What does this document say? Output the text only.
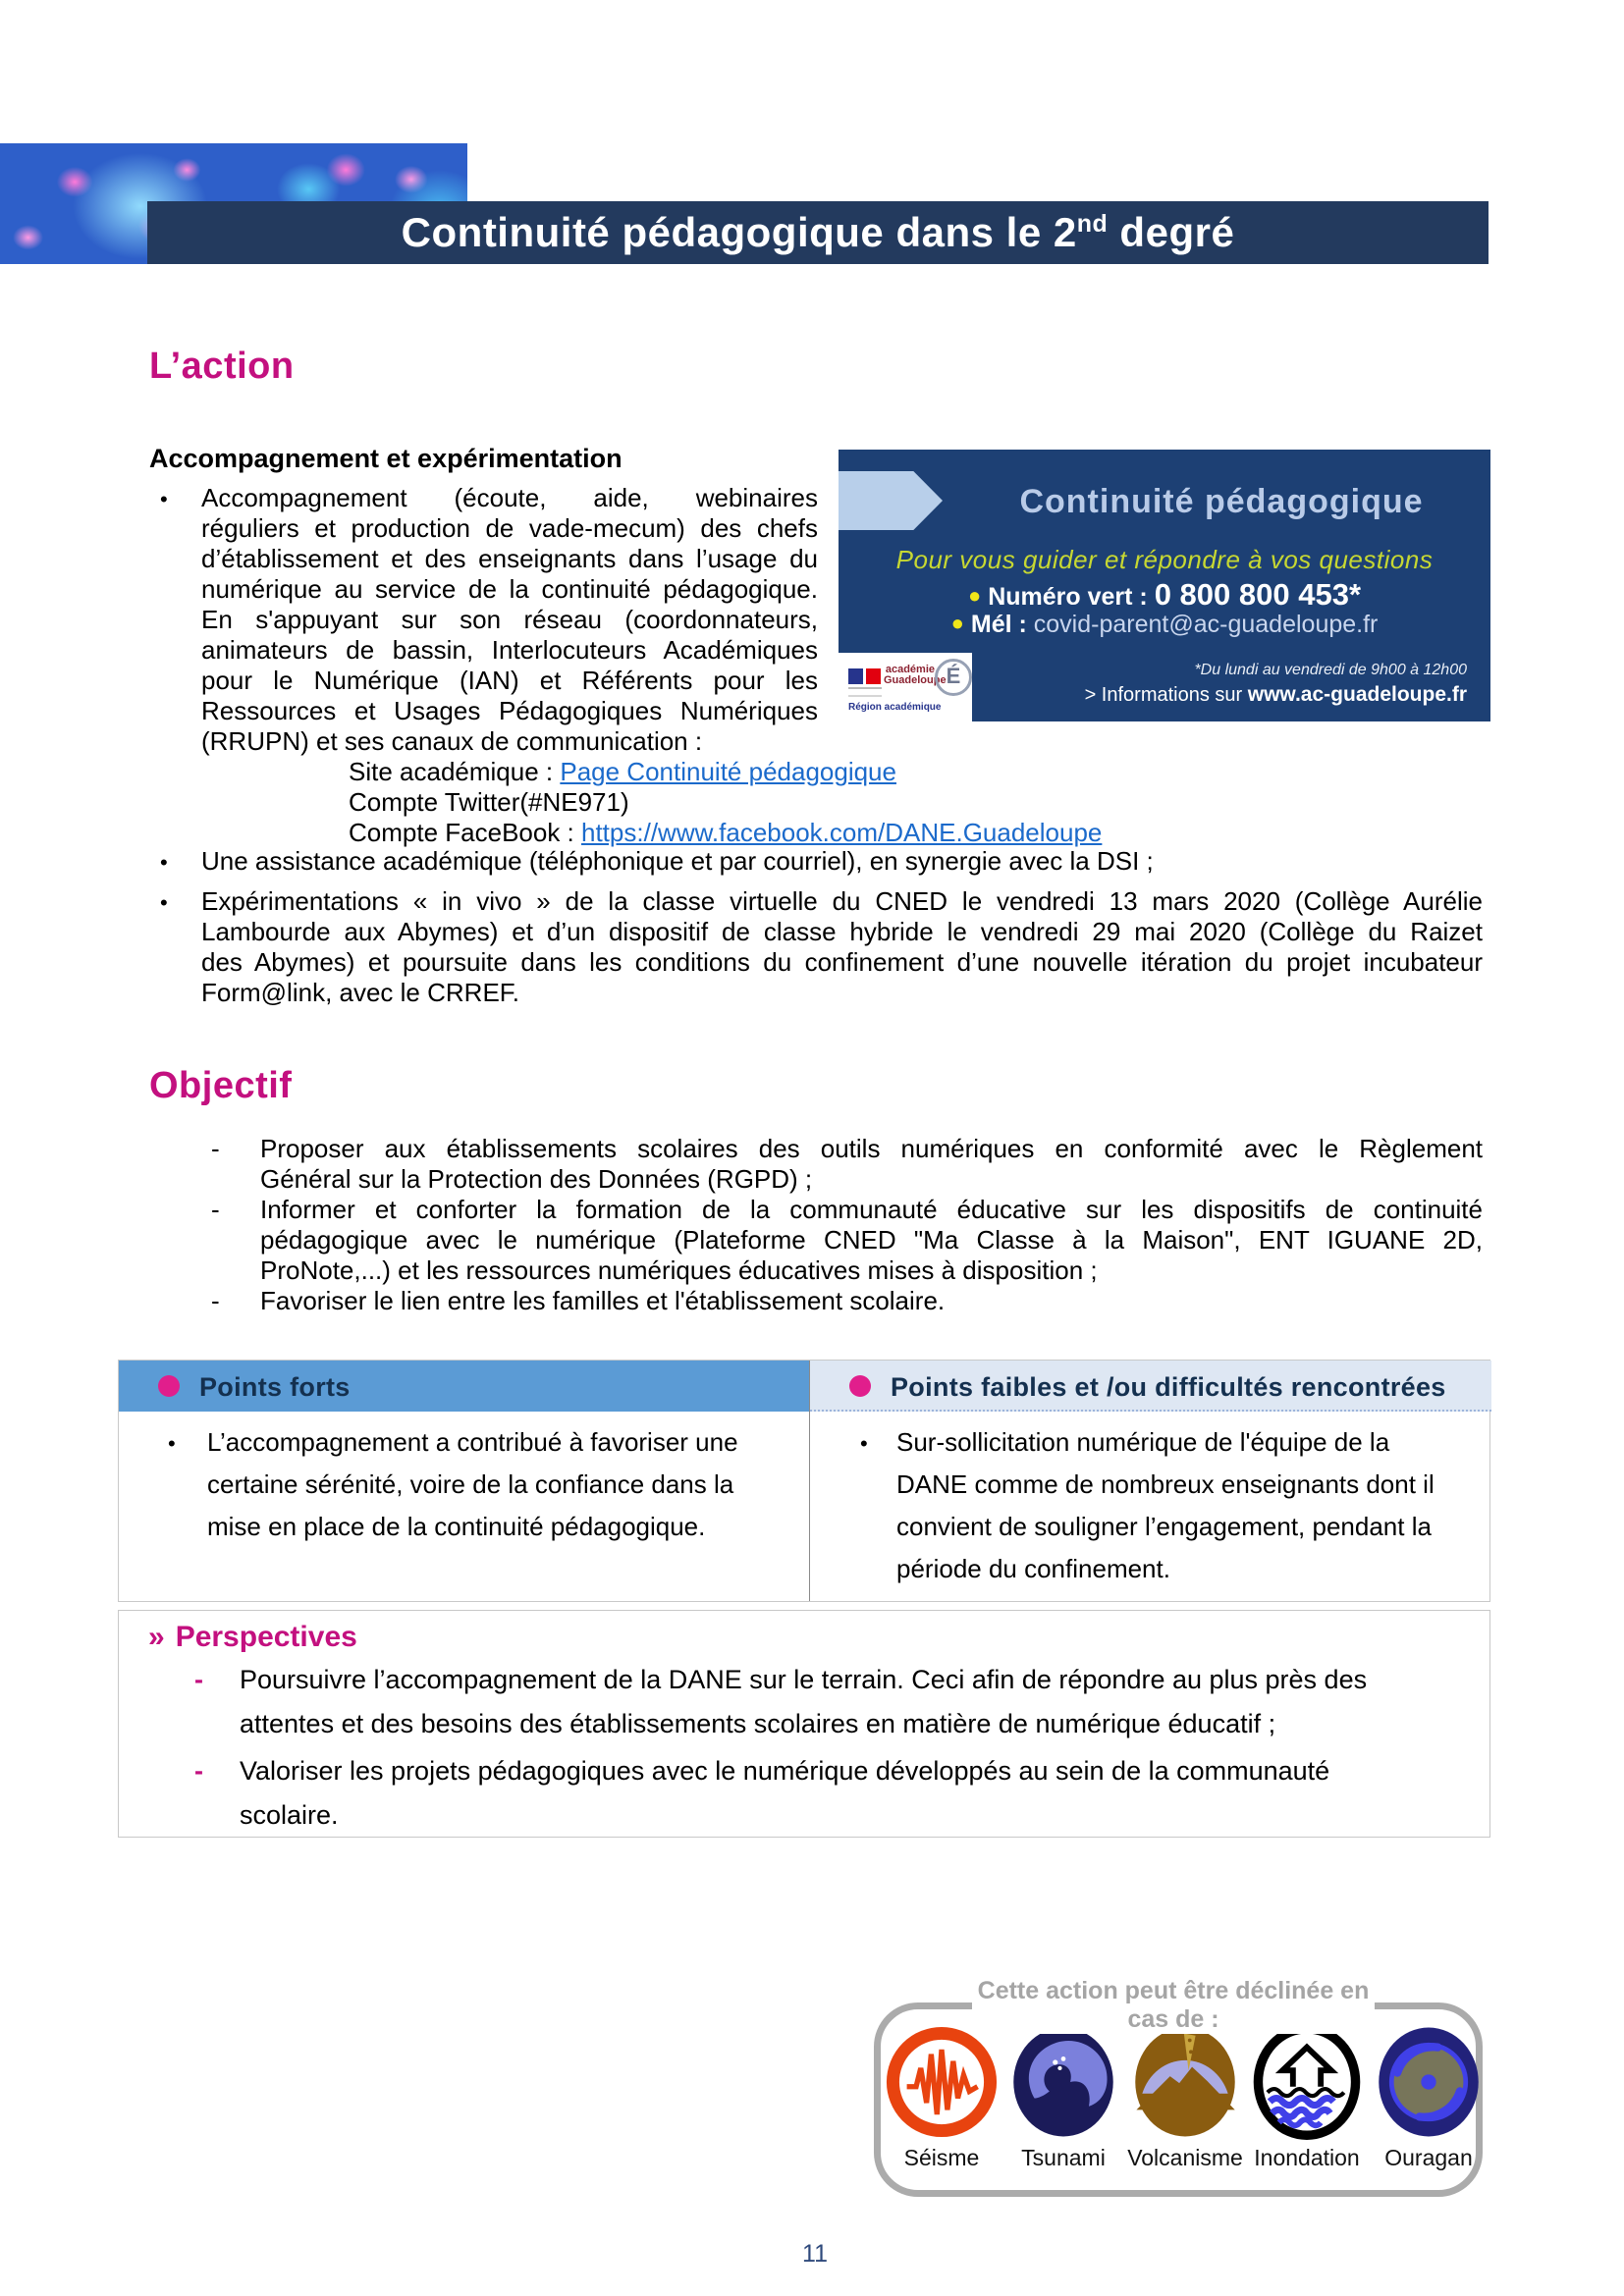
Continuité pédagogique dans le 2nd degré
L’action
Accompagnement et expérimentation
• Accompagnement (écoute, aide, webinaires
réguliers et production de vade-mecum) des chefs
d’établissement et des enseignants dans l’usage du
numérique au service de la continuité pédagogique.
En s'appuyant sur son réseau (coordonnateurs,
animateurs de bassin, Interlocuteurs Académiques
pour le Numérique (IAN) et Référents pour les
Ressources et Usages Pédagogiques Numériques
(RRUPN) et ses canaux de communication :
Site académique : Page Continuité pédagogique
Compte Twitter(#NE971)
Compte FaceBook : https://www.facebook.com/DANE.Guadeloupe
• Une assistance académique (téléphonique et par courriel), en synergie avec la DSI ;
• Expérimentations « in vivo » de la classe virtuelle du CNED le vendredi 13 mars 2020 (Collège Aurélie
Lambourde aux Abymes) et d’un dispositif de classe hybride le vendredi 29 mai 2020 (Collège du Raizet
des Abymes) et poursuite dans les conditions du confinement d’une nouvelle itération du projet incubateur
Form@link, avec le CRREF.
Continuité pédagogique
Pour vous guider et répondre à vos questions
● Numéro vert : 0 800 800 453*
● Mél : covid-parent@ac-guadeloupe.fr
académie
Guadeloupe É
Région académique
*Du lundi au vendredi de 9h00 à 12h00
> Informations sur www.ac-guadeloupe.fr
Objectif
- Proposer aux établissements scolaires des outils numériques en conformité avec le Règlement
Général sur la Protection des Données (RGPD) ;
- Informer et conforter la formation de la communauté éducative sur les dispositifs de continuité
pédagogique avec le numérique (Plateforme CNED "Ma Classe à la Maison", ENT IGUANE 2D,
ProNote,...) et les ressources numériques éducatives mises à disposition ;
- Favoriser le lien entre les familles et l'établissement scolaire.
Points forts	Points faibles et /ou difficultés rencontrées
• L’accompagnement a contribué à favoriser une
certaine sérénité, voire de la confiance dans la
mise en place de la continuité pédagogique.
• Sur-sollicitation numérique de l'équipe de la
DANE comme de nombreux enseignants dont il
convient de souligner l’engagement, pendant la
période du confinement.
» Perspectives
- Poursuivre l’accompagnement de la DANE sur le terrain. Ceci afin de répondre au plus près des
attentes et des besoins des établissements scolaires en matière de numérique éducatif ;
- Valoriser les projets pédagogiques avec le numérique développés au sein de la communauté
scolaire.
Cette action peut être déclinée en cas de :
Séisme	Tsunami Volcanisme Inondation	Ouragan
11
